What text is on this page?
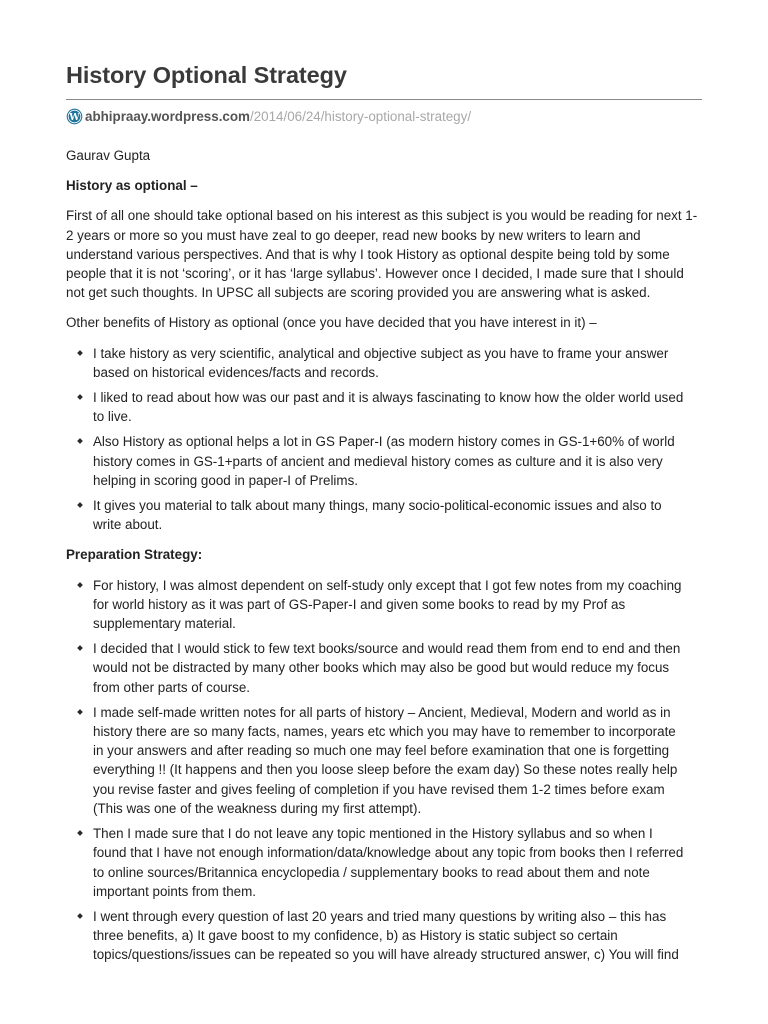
History Optional Strategy
W abhipraay.wordpress.com /2014/06/24/history-optional-strategy/

Gaurav Gupta

History as optional –

First of all one should take optional based on his interest as this subject is you would be reading for next 1-
2 years or more so you must have zeal to go deeper, read new books by new writers to learn and
understand various perspectives. And that is why I took History as optional despite being told by some
people that it is not ‘scoring’, or it has ‘large syllabus’. However once I decided, I made sure that I should
not get such thoughts. In UPSC all subjects are scoring provided you are answering what is asked.

Other benefits of History as optional (once you have decided that you have interest in it) –

I take history as very scientific, analytical and objective subject as you have to frame your answer
based on historical evidences/facts and records.
I liked to read about how was our past and it is always fascinating to know how the older world used
to live.
Also History as optional helps a lot in GS Paper-I (as modern history comes in GS-1+60% of world
history comes in GS-1+parts of ancient and medieval history comes as culture and it is also very
helping in scoring good in paper-I of Prelims.
It gives you material to talk about many things, many socio-political-economic issues and also to
write about.

Preparation Strategy:

For history, I was almost dependent on self-study only except that I got few notes from my coaching
for world history as it was part of GS-Paper-I and given some books to read by my Prof as
supplementary material.
I decided that I would stick to few text books/source and would read them from end to end and then
would not be distracted by many other books which may also be good but would reduce my focus
from other parts of course.
I made self-made written notes for all parts of history – Ancient, Medieval, Modern and world as in
history there are so many facts, names, years etc which you may have to remember to incorporate
in your answers and after reading so much one may feel before examination that one is forgetting
everything !! (It happens and then you loose sleep before the exam day) So these notes really help
you revise faster and gives feeling of completion if you have revised them 1-2 times before exam
(This was one of the weakness during my first attempt).
Then I made sure that I do not leave any topic mentioned in the History syllabus and so when I
found that I have not enough information/data/knowledge about any topic from books then I referred
to online sources/Britannica encyclopedia / supplementary books to read about them and note
important points from them.
I went through every question of last 20 years and tried many questions by writing also – this has
three benefits, a) It gave boost to my confidence, b) as History is static subject so certain
topics/questions/issues can be repeated so you will have already structured answer, c) You will find
